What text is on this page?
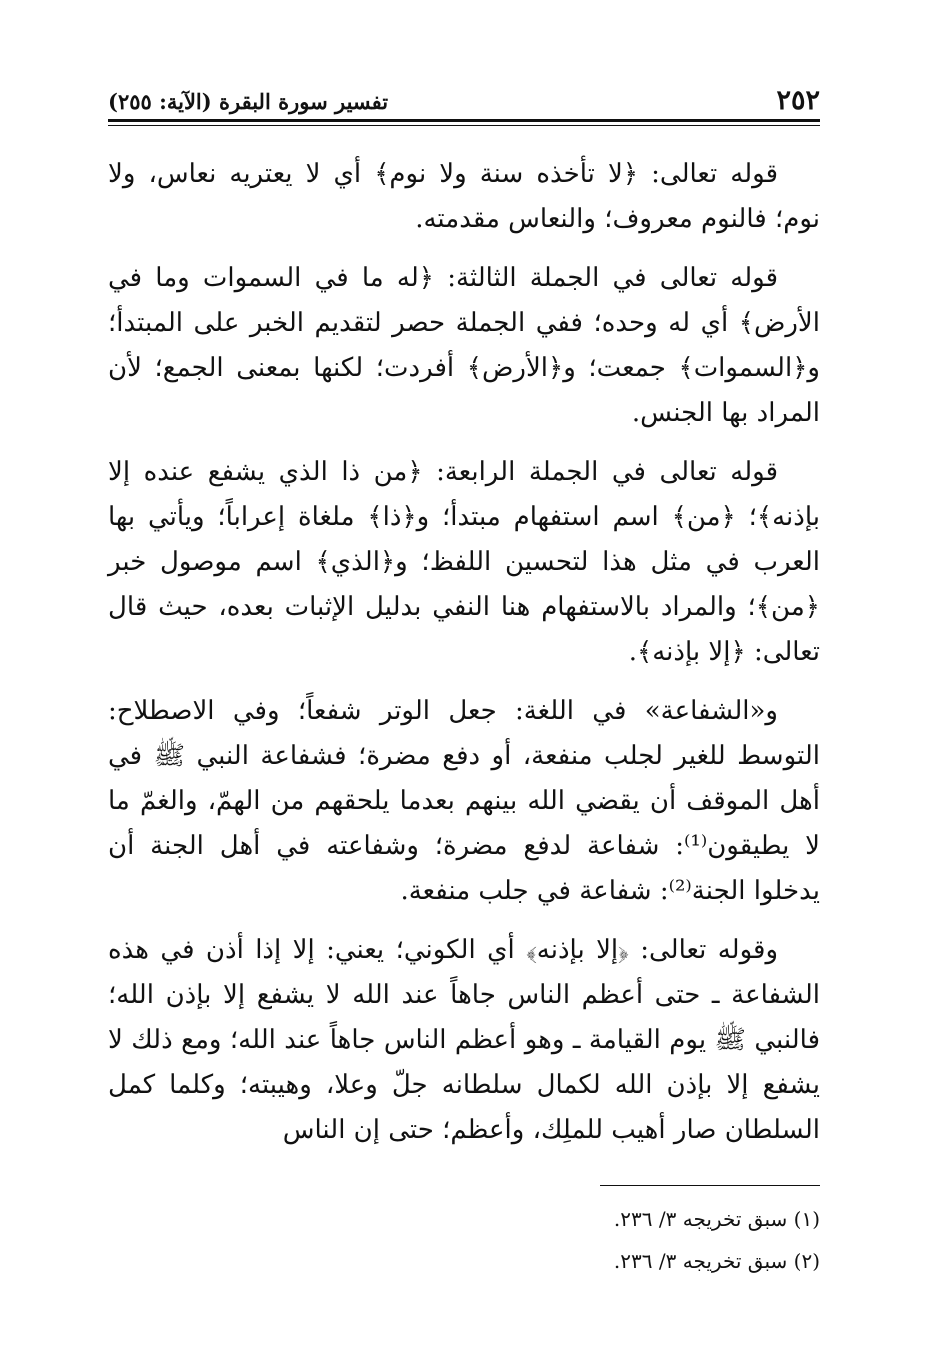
٢٥٢
تفسير سورة البقرة (الآية: ٢٥٥)

قوله تعالى: ﴿لا تأخذه سنة ولا نوم﴾ أي لا يعتريه نعاس، ولا نوم؛ فالنوم معروف؛ والنعاس مقدمته.

قوله تعالى في الجملة الثالثة: ﴿له ما في السموات وما في الأرض﴾ أي له وحده؛ ففي الجملة حصر لتقديم الخبر على المبتدأ؛ و﴿السموات﴾ جمعت؛ و﴿الأرض﴾ أفردت؛ لكنها بمعنى الجمع؛ لأن المراد بها الجنس.

قوله تعالى في الجملة الرابعة: ﴿من ذا الذي يشفع عنده إلا بإذنه﴾؛ ﴿من﴾ اسم استفهام مبتدأ؛ و﴿ذا﴾ ملغاة إعراباً؛ ويأتي بها العرب في مثل هذا لتحسين اللفظ؛ و﴿الذي﴾ اسم موصول خبر ﴿من﴾؛ والمراد بالاستفهام هنا النفي بدليل الإثبات بعده، حيث قال تعالى: ﴿إلا بإذنه﴾.

و«الشفاعة» في اللغة: جعل الوتر شفعاً؛ وفي الاصطلاح: التوسط للغير لجلب منفعة، أو دفع مضرة؛ فشفاعة النبي ﷺ في أهل الموقف أن يقضي الله بينهم بعدما يلحقهم من الهمّ، والغمّ ما لا يطيقون⁽¹⁾: شفاعة لدفع مضرة؛ وشفاعته في أهل الجنة أن يدخلوا الجنة⁽²⁾: شفاعة في جلب منفعة.

وقوله تعالى: ﴿إلا بإذنه﴾ أي الكوني؛ يعني: إلا إذا أذن في هذه الشفاعة ـ حتى أعظم الناس جاهاً عند الله لا يشفع إلا بإذن الله؛ فالنبي ﷺ يوم القيامة ـ وهو أعظم الناس جاهاً عند الله؛ ومع ذلك لا يشفع إلا بإذن الله لكمال سلطانه جلّ وعلا، وهيبته؛ وكلما كمل السلطان صار أهيب للملِك، وأعظم؛ حتى إن الناس

(١) سبق تخريجه ٣/ ٢٣٦.
(٢) سبق تخريجه ٣/ ٢٣٦.
